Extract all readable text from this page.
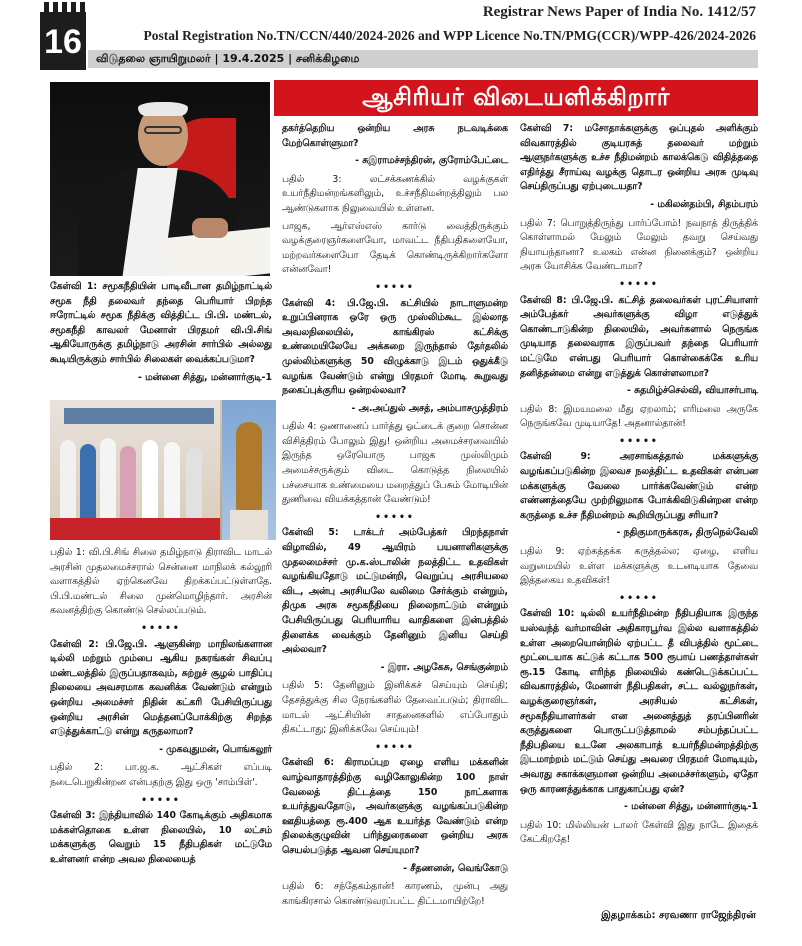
16
Registrar News Paper of India No. 1412/57
Postal Registration No.TN/CCN/440/2024-2026 and WPP Licence No.TN/PMG(CCR)/WPP-426/2024-2026
விடுதலை ஞாயிறுமலர் | 19.4.2025 | சனிக்கிழமை
ஆசிரியர் விடையளிக்கிறார்

கேள்வி 1: சமூகநீதியின் பாடிவீடான தமிழ்நாட்டில் சமூக நீதி தலைவர் தந்தை பெரியார் பிறந்த ஈரோட்டில் சமூக நீதிக்கு வித்திட்ட பி.பி. மண்டல், சமூகநீதி காவலர் மேனாள் பிரதமர் வி.பி.சிங் ஆகியோருக்கு தமிழ்நாடு அரசின் சார்பில் அல்லது கூடியிருக்கும் சார்பில் சிலைகள் வைக்கப்படுமா?

- மன்னை சித்து, மன்னார்குடி-1

பதில் 1: வி.பி.சிங் சிலை தமிழ்நாடு திராவிட மாடல் அரசின் முதலமைச்சரால் சென்னை மாநிலக் கல்லூரி வளாகத்தில் ஏற்கெனவே திறக்கப்பட்டுள்ளதே. பி.பி.மண்டல் சிலை முன்மொழிந்தார். அரசின் கவனத்திற்கு கொண்டு செல்லப்படும்.

•••••

கேள்வி 2: பி.ஜே.பி. ஆளுகின்ற மாநிலங்களான டில்லி மற்றும் மும்பை ஆகிய நகரங்கள் சிவப்பு மண்டலத்தில் இருப்பதாகவும், சுற்றுச் சூழல் பாதிப்பு நிலையை அவசரமாக கவனிக்க வேண்டும் என்றும் ஒன்றிய அமைச்சர் நிதின் கட்கரி பேசியிருப்பது ஒன்றிய அரசின் மெத்தனப்போக்கிற்கு சிறந்த எடுத்துக்காட்டு என்று கருதலாமா?

- முகவுதுமன், பொங்கலூர்

பதில் 2: பா.ஜ.க. ஆட்சிகள் எப்படி நடைபெறுகின்றன என்பதற்கு இது ஒரு 'சாம்பிள்'.

•••••

கேள்வி 3: இந்தியாவில் 140 கோடிக்கும் அதிகமாக மக்கள்தொகை உள்ள நிலையில், 10 லட்சம் மக்களுக்கு வெறும் 15 நீதிபதிகள் மட்டுமே உள்ளனர் என்ற அவல நிலையைத்

தகர்த்தெறிய ஒன்றிய அரசு நடவடிக்கை மேற்கொள்ளுமா?

- சுஇராமச்சந்திரன், குரோம்பேட்டை

பதில் 3: லட்சக்கணக்கில் வழக்குகள் உயர்நீதிமன்றங்களிலும், உச்சநீதிமன்றத்திலும் பல ஆண்டுகளாக நிலுவையில் உள்ளன.

பாஜக, ஆர்எஸ்எஸ் கார்டு வைத்திருக்கும் வழக்குரைஞர்களையோ, மாவட்ட நீதிபதிகளையோ, மற்றவர்களையோ தேடிக் கொண்டிருக்கிறார்களோ என்னவோ!

•••••

கேள்வி 4: பி.ஜே.பி. கட்சியில் நாடாளுமன்ற உறுப்பினராக ஒரே ஒரு முஸ்லிம்கூட இல்லாத அவலநிலையில், காங்கிரஸ் கட்சிக்கு உண்மையிலேயே அக்கறை இருந்தால் தேர்தலில் முஸ்லிம்களுக்கு 50 விழுக்காடு இடம் ஒதுக்கீடு வழங்க வேண்டும் என்று பிரதமர் மோடி கூறுவது நகைப்புக்குரிய ஒன்றல்லவா?

- அ.அப்துல் அசத், அம்பாசமுத்திரம்

பதில் 4: ஒணானைப் பார்த்து ஓட்டைக் குறை சொன்ன விசித்திரம் போலும் இது! ஒன்றிய அமைச்சரவையில் இருந்த ஒரேயொரு பாஜக முஸ்லிமும் அமைச்சருக்கும் விடை கொடுத்த நிலையில் பச்சையாக உண்மையை மறைத்துப் பேசும் மோடியின் துணிவை வியக்கத்தான் வேண்டும்!

•••••

கேள்வி 5: டாக்டர் அம்பேத்கர் பிறந்தநாள் விழாவில், 49 ஆயிரம் பயனாளிகளுக்கு முதலமைச்சர் மு.க.ஸ்டாலின் நலத்திட்ட உதவிகள் வழங்கியதோடு மட்டுமன்றி, வெறுப்பு அரசியலை விட, அன்பு அரசியலே வலிமை சேர்க்கும் என்றும், திமுக அரசு சமூகநீதியை நிலைநாட்டும் என்றும் பேசியிருப்பது பெரியாரிய வாதிகளை இன்பத்தில் திளைக்க வைக்கும் தேனினும் இனிய செய்தி அல்லவா?

- இரா. அழகேசு, செங்குன்றம்

பதில் 5: தேனினும் இனிக்கச் செய்யும் செய்தி; தேசத்துக்கு சில நேரங்களில் தேவைப்படும்; திராவிட மாடல் ஆட்சியின் சாதனைகளில் எப்போதும் திகட்டாது; இனிக்கவே செய்யும்!

•••••

கேள்வி 6: கிராமப்புற ஏழை எளிய மக்களின் வாழ்வாதாரத்திற்கு வழிகோலுகின்ற 100 நாள் வேலைத் திட்டத்தை 150 நாட்களாக உயர்த்துவதோடு, அவர்களுக்கு வழங்கப்படுகின்ற ஊதியத்தை ரூ.400 ஆக உயர்த்த வேண்டும் என்ற நிலைக்குழுவின் பரிந்துரைகளை ஒன்றிய அரசு செயல்படுத்த ஆவன செய்யுமா?

- சீதணனன், வெங்கோடு

பதில் 6: சந்தேகம்தான்! காரணம், முன்பு அது காங்கிரசால் கொண்டுவரப்பட்ட திட்டமாயிற்றே!

கேள்வி 7: மசோதாக்களுக்கு ஒப்புதல் அளிக்கும் விவகாரத்தில் குடியரசுத் தலைவர் மற்றும் ஆளுநர்களுக்கு உச்ச நீதிமன்றம் காலக்கெடு விதித்ததை எதிர்த்து சீராய்வு வழக்கு தொடர ஒன்றிய அரசு முடிவு செய்திருப்பது ஏற்புடையதா?

- மகிலன்தம்பி, சிதம்பரம்

பதில் 7: பொறுத்திருந்து பார்ப்போம்! நவநாத் திருத்திக் கொள்ளாமல் மேலும் மேலும் தவறு செய்வது நியாயந்தானா? உலகம் என்ன நினைக்கும்? ஒன்றிய அரசு யோசிக்க வேண்டாமா?

•••••

கேள்வி 8: பி.ஜே.பி. கட்சித் தலைவர்கள் புரட்சியாளர் அம்பேத்கர் அவர்களுக்கு விழா எடுத்துக் கொண்டாடுகின்ற நிலையில், அவர்களால் நெருங்க முடியாத தலைவராக இருப்பவர் தந்தை பெரியார் மட்டுமே என்பது பெரியார் கொள்கைக்கே உரிய தனித்தன்மை என்று எடுத்துக் கொள்ளலாமா?

- சுதமிழ்ச்செல்வி, வியாசர்பாடி

பதில் 8: இமயமலை மீது ஏறலாம்; எரிமலை அருகே நெருங்கவே முடியாதே! அதனால்தான்!

•••••

கேள்வி 9: அரசாங்கத்தால் மக்களுக்கு வழங்கப்படுகின்ற இலவச நலத்திட்ட உதவிகள் என்பன மக்களுக்கு வேலை பார்க்கவேண்டும் என்ற எண்ணத்தையே முற்றிலுமாக போக்கிவிடுகின்றன என்ற கருத்தை உச்ச நீதிமன்றம் கூறியிருப்பது சரியா?

- நதிகுமாருக்கரசு, திருநெல்வேலி

பதில் 9: ஏற்கத்தக்க கருத்தல்ல; ஏழை, எளிய வறுமையில் உள்ள மக்களுக்கு உடனடியாக தேவை இத்தகைய உதவிகள்!

•••••

கேள்வி 10: டில்லி உயர்நீதிமன்ற நீதிபதியாக இருந்த யஸ்வந்த் வர்மாவின் அதிகாரபூர்வ இல்ல வளாகத்தில் உள்ள அறையொன்றில் ஏற்பட்ட தீ விபத்தில் மூட்டை மூட்டையாக கட்டுக் கட்டாக 500 ரூபாய் பணத்தாள்கள் ரூ.15 கோடி எரிந்த நிலையில் கண்டெடுக்கப்பட்ட விவகாரத்தில், மேனாள் நீதிபதிகள், சட்ட வல்லுநர்கள், வழக்குரைஞர்கள், அரசியல் கட்சிகள், சமூகநீதியாளர்கள் என அனைத்துத் தரப்பினரின் கருத்துகளை பொருட்படுத்தாமல் சம்பந்தப்பட்ட நீதிபதியை உடனே அலகாபாத் உயர்நீதிமன்றத்திற்கு இடமாற்றம் மட்டும் செய்து அவரை பிரதமர் மோடியும், அவரது சகாக்களுமான ஒன்றிய அமைச்சர்களும், ஏதோ ஒரு காரணத்துக்காக பாதுகாப்பது ஏன்?

- மன்னை சித்து, மன்னார்குடி-1

பதில் 10: மில்லியன் டாலர் கேள்வி இது நாடே இதைக் கேட்கிறதே!

இதழாக்கம்: சரவணா ராஜேந்திரன்
